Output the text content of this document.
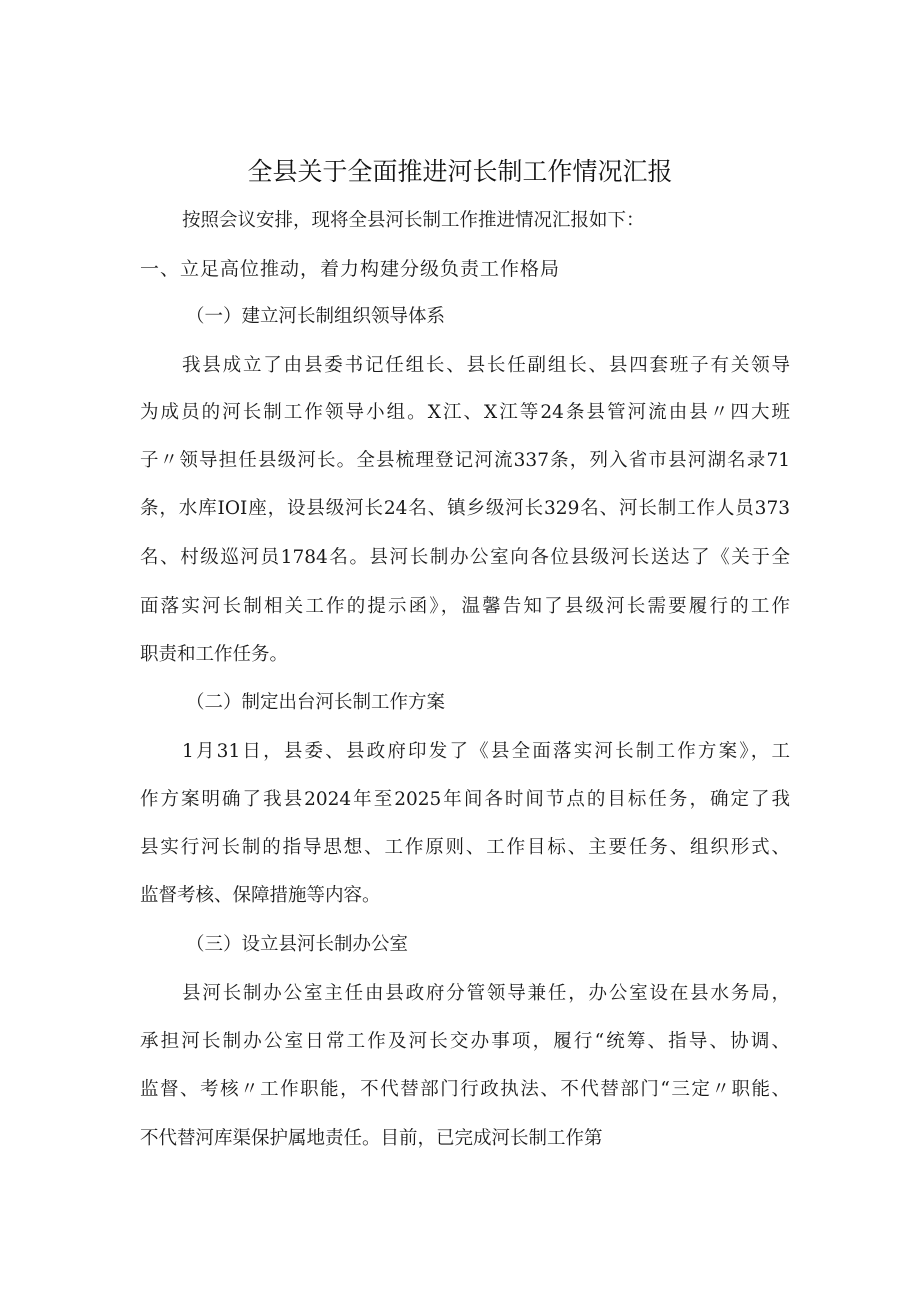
全县关于全面推进河长制工作情况汇报
按照会议安排，现将全县河长制工作推进情况汇报如下：
一、立足高位推动，着力构建分级负责工作格局
（一）建立河长制组织领导体系
我县成立了由县委书记任组长、县长任副组长、县四套班子有关领导
为成员的河长制工作领导小组。X江、X江等24条县管河流由县〃四大班
子〃领导担任县级河长。全县梳理登记河流337条，列入省市县河湖名录71
条，水库IOI座，设县级河长24名、镇乡级河长329名、河长制工作人员373
名、村级巡河员1784名。县河长制办公室向各位县级河长送达了《关于全
面落实河长制相关工作的提示函》，温馨告知了县级河长需要履行的工作
职责和工作任务。
（二）制定出台河长制工作方案
1月31日，县委、县政府印发了《县全面落实河长制工作方案》，工
作方案明确了我县2024年至2025年间各时间节点的目标任务，确定了我
县实行河长制的指导思想、工作原则、工作目标、主要任务、组织形式、
监督考核、保障措施等内容。
（三）设立县河长制办公室
县河长制办公室主任由县政府分管领导兼任，办公室设在县水务局，
承担河长制办公室日常工作及河长交办事项，履行“统筹、指导、协调、
监督、考核〃工作职能，不代替部门行政执法、不代替部门“三定〃职能、
不代替河库渠保护属地责任。目前，已完成河长制工作第
